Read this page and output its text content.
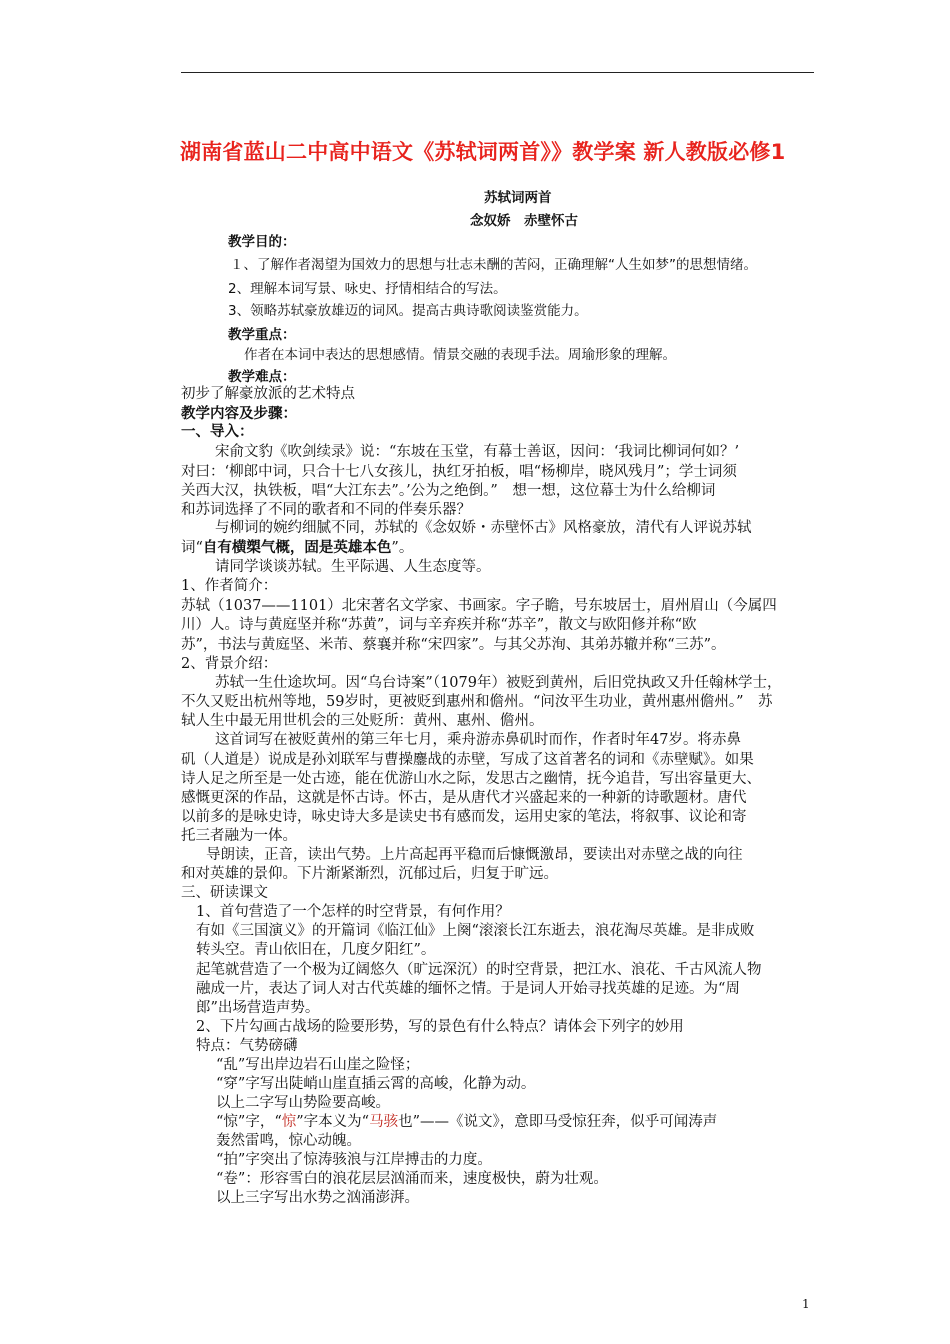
湖南省蓝山二中高中语文《苏轼词两首》》教学案 新人教版必修1
苏轼词两首
念奴娇　赤壁怀古
教学目的：
１、了解作者渴望为国效力的思想与壮志未酬的苦闷，正确理解“人生如梦”的思想情绪。
2、理解本词写景、咏史、抒情相结合的写法。
3、领略苏轼豪放雄迈的词风。提高古典诗歌阅读鉴赏能力。
教学重点：
作者在本词中表达的思想感情。情景交融的表现手法。周瑜形象的理解。
教学难点：
初步了解豪放派的艺术特点
教学内容及步骤：
一、导入：
宋俞文豹《吹剑续录》说：“东坡在玉堂，有幕士善讴，因问：‘我词比柳词何如？’
对曰：‘柳郎中词，只合十七八女孩儿，执红牙拍板，唱“杨柳岸，晓风残月”；学士词须
关西大汉，执铁板，唱“大江东去”。’公为之绝倒。”　想一想，这位幕士为什么给柳词
和苏词选择了不同的歌者和不同的伴奏乐器？
与柳词的婉约细腻不同，苏轼的《念奴娇・赤壁怀古》风格豪放，清代有人评说苏轼
词“自有横槊气概，固是英雄本色”。
请同学谈谈苏轼。生平际遇、人生态度等。
1、作者简介：
苏轼（1037——1101）北宋著名文学家、书画家。字子瞻，号东坡居士，眉州眉山（今属四
川）人。诗与黄庭坚并称“苏黄”，词与辛弃疾并称“苏辛”，散文与欧阳修并称“欧
苏”，书法与黄庭坚、米芾、蔡襄并称“宋四家”。与其父苏洵、其弟苏辙并称“三苏”。
2、背景介绍：
苏轼一生仕途坎坷。因“乌台诗案”（1079年）被贬到黄州，后旧党执政又升任翰林学士，
不久又贬出杭州等地，59岁时，更被贬到惠州和儋州。“问汝平生功业，黄州惠州儋州。”　苏
轼人生中最无用世机会的三处贬所：黄州、惠州、儋州。
这首词写在被贬黄州的第三年七月，乘舟游赤鼻矶时而作，作者时年47岁。将赤鼻
矶（人道是）说成是孙刘联军与曹操鏖战的赤壁，写成了这首著名的词和《赤壁赋》。如果
诗人足之所至是一处古迹，能在优游山水之际，发思古之幽情，抚今追昔，写出容量更大、
感慨更深的作品，这就是怀古诗。怀古，是从唐代才兴盛起来的一种新的诗歌题材。唐代
以前多的是咏史诗，咏史诗大多是读史书有感而发，运用史家的笔法，将叙事、议论和寄
托三者融为一体。
导朗读，正音，读出气势。上片高起再平稳而后慷慨激昂，要读出对赤壁之战的向往
和对英雄的景仰。下片渐紧渐烈，沉郁过后，归复于旷远。
三、研读课文
1、首句营造了一个怎样的时空背景，有何作用？
有如《三国演义》的开篇词《临江仙》上阕“滚滚长江东逝去，浪花淘尽英雄。是非成败
转头空。青山依旧在，几度夕阳红”。
起笔就营造了一个极为辽阔悠久（旷远深沉）的时空背景，把江水、浪花、千古风流人物
融成一片，表达了词人对古代英雄的缅怀之情。于是词人开始寻找英雄的足迹。为“周
郎”出场营造声势。
2、下片勾画古战场的险要形势，写的景色有什么特点？请体会下列字的妙用
特点：气势磅礴
“乱”写出岸边岩石山崖之险怪；
“穿”字写出陡峭山崖直插云霄的高峻，化静为动。
以上二字写山势险要高峻。
“惊”字，“惊”字本义为“马骇也”——《说文》，意即马受惊狂奔，似乎可闻涛声
轰然雷鸣，惊心动魄。
“拍”字突出了惊涛骇浪与江岸搏击的力度。
“卷”：形容雪白的浪花层层汹涌而来，速度极快，蔚为壮观。
以上三字写出水势之汹涌澎湃。
1
